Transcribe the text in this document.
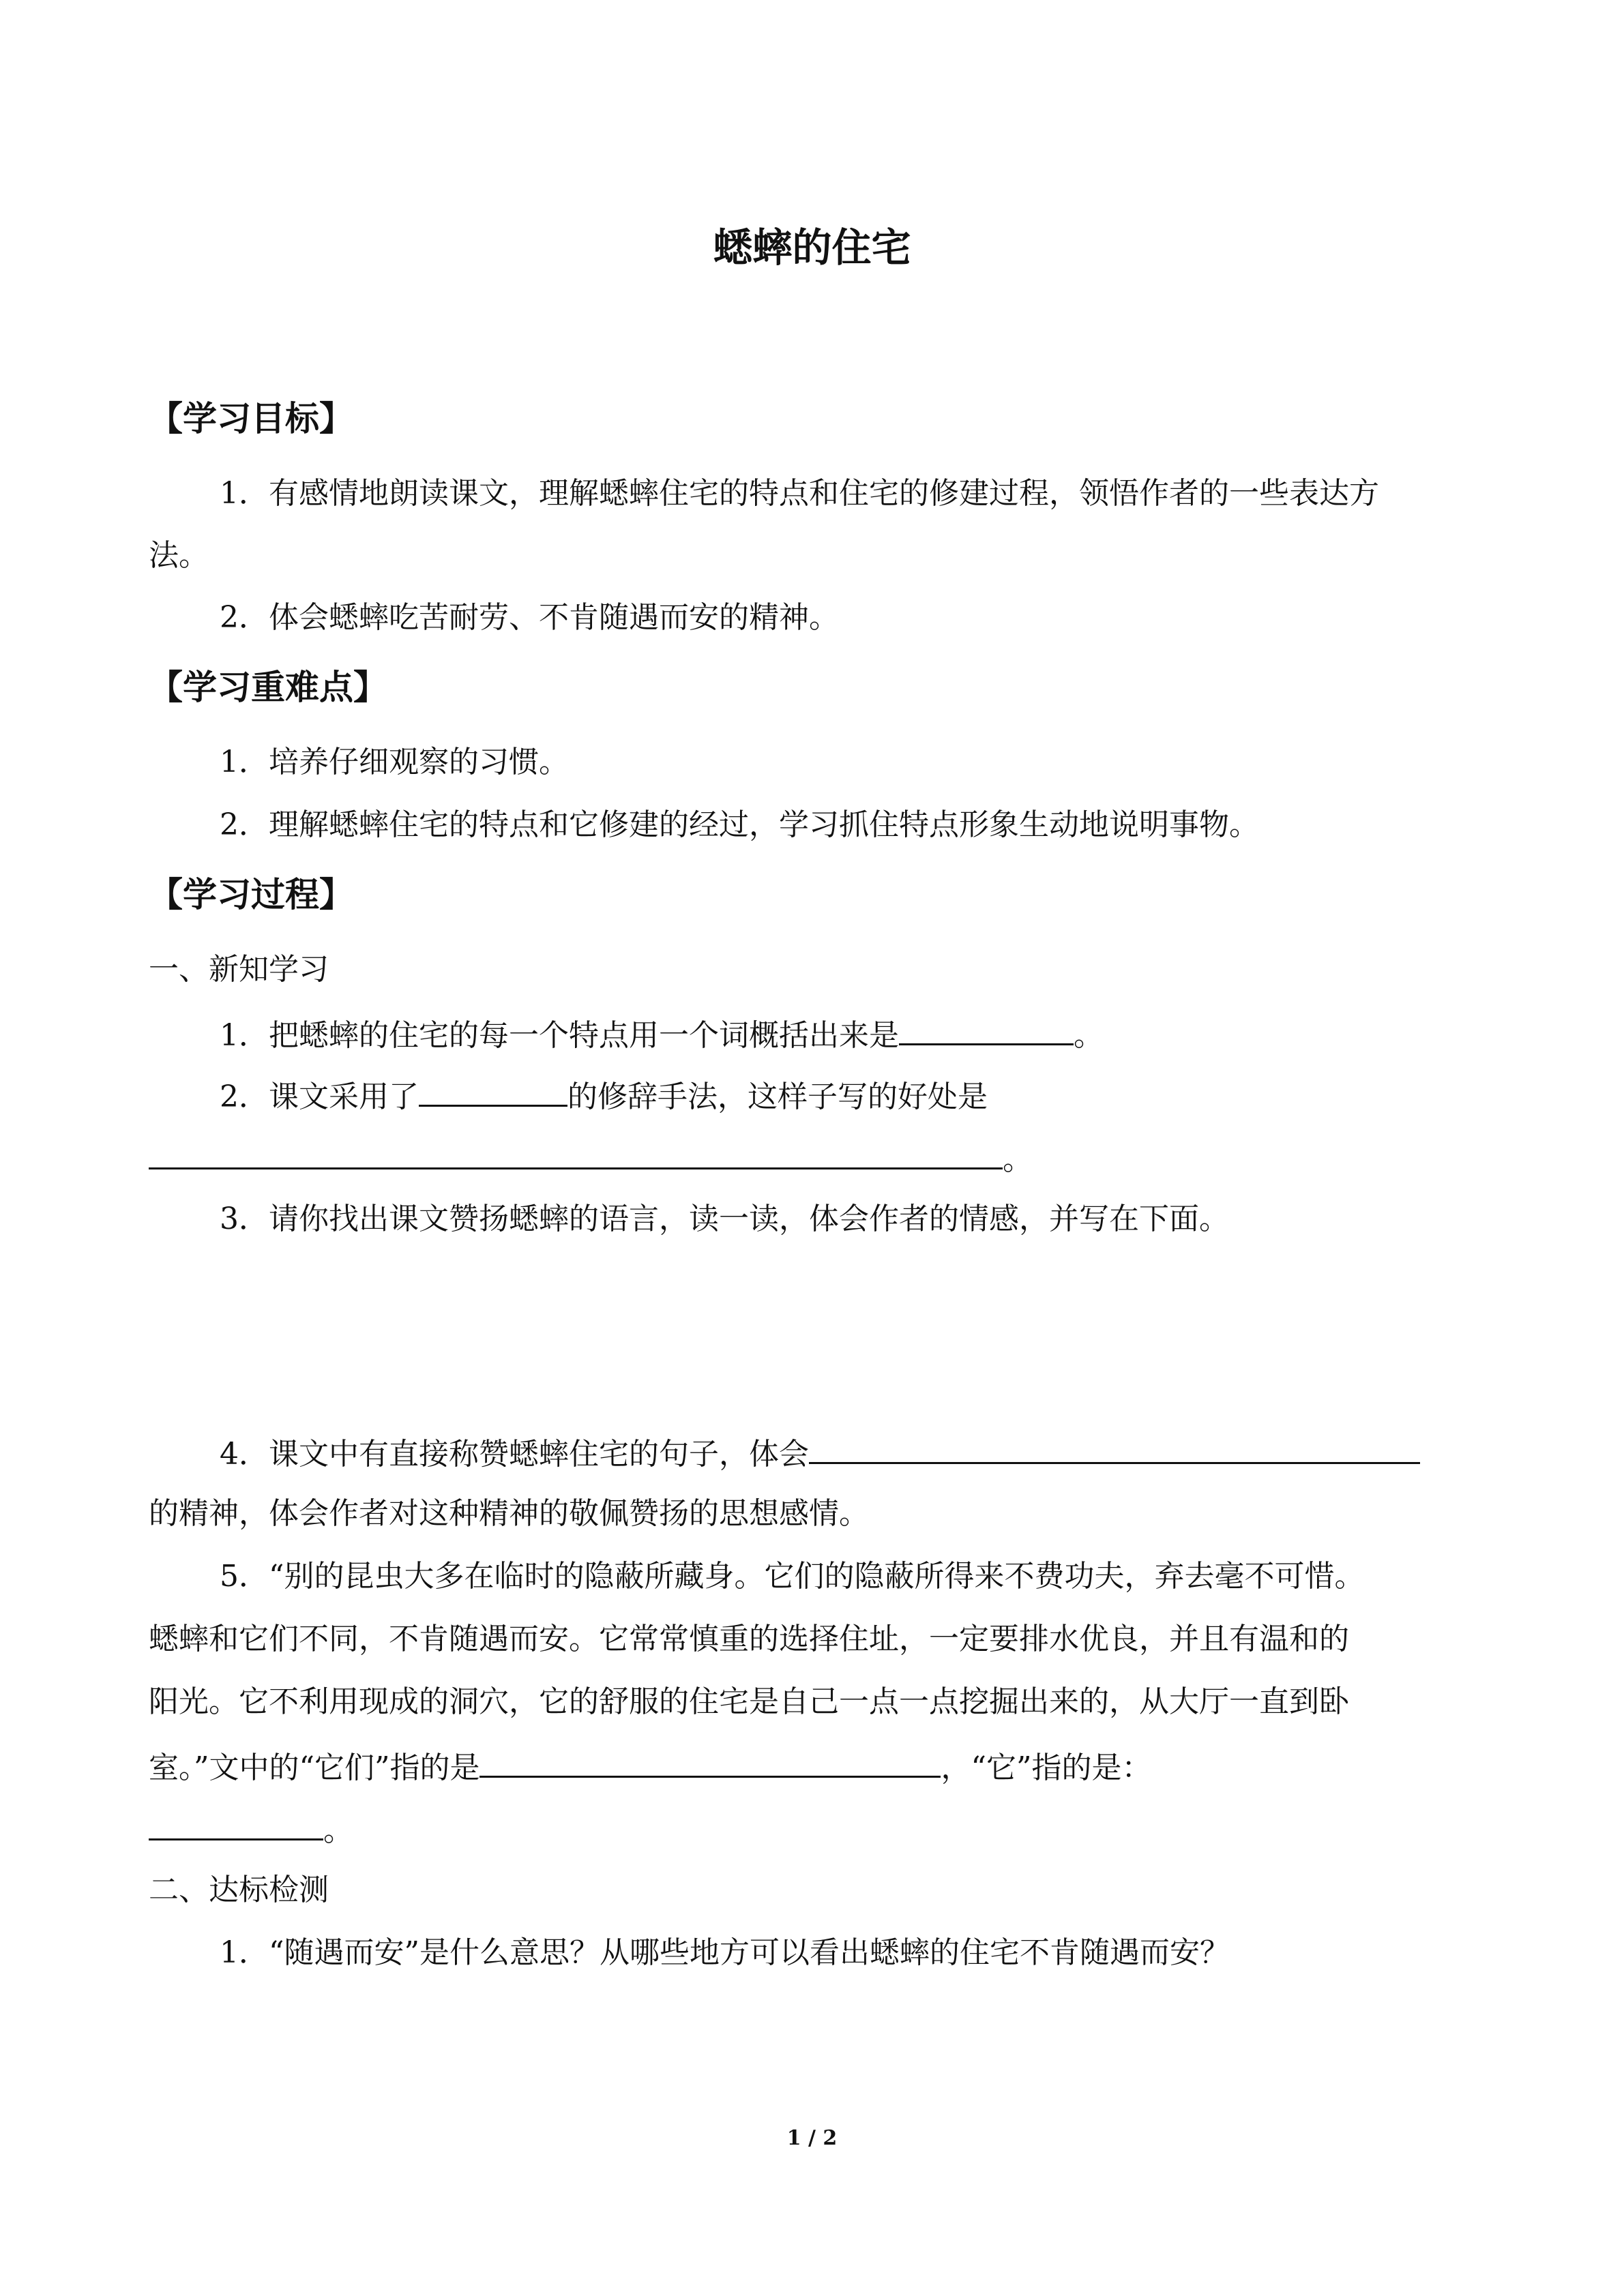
蟋蟀的住宅
【学习目标】
1．有感情地朗读课文，理解蟋蟀住宅的特点和住宅的修建过程，领悟作者的一些表达方
法。
2．体会蟋蟀吃苦耐劳、不肯随遇而安的精神。
【学习重难点】
1．培养仔细观察的习惯。
2．理解蟋蟀住宅的特点和它修建的经过，学习抓住特点形象生动地说明事物。
【学习过程】
一、新知学习
1．把蟋蟀的住宅的每一个特点用一个词概括出来是	。
2．课文采用了	的修辞手法，这样子写的好处是
。
3．请你找出课文赞扬蟋蟀的语言，读一读，体会作者的情感，并写在下面。
4．课文中有直接称赞蟋蟀住宅的句子，体会
的精神，体会作者对这种精神的敬佩赞扬的思想感情。
5．“别的昆虫大多在临时的隐蔽所藏身。它们的隐蔽所得来不费功夫，弃去毫不可惜。
蟋蟀和它们不同，不肯随遇而安。它常常慎重的选择住址，一定要排水优良，并且有温和的
阳光。它不利用现成的洞穴，它的舒服的住宅是自己一点一点挖掘出来的，从大厅一直到卧
室。”文中的“它们”指的是	，“它”指的是：
。
二、达标检测
1．“随遇而安”是什么意思？从哪些地方可以看出蟋蟀的住宅不肯随遇而安？
1 / 2
